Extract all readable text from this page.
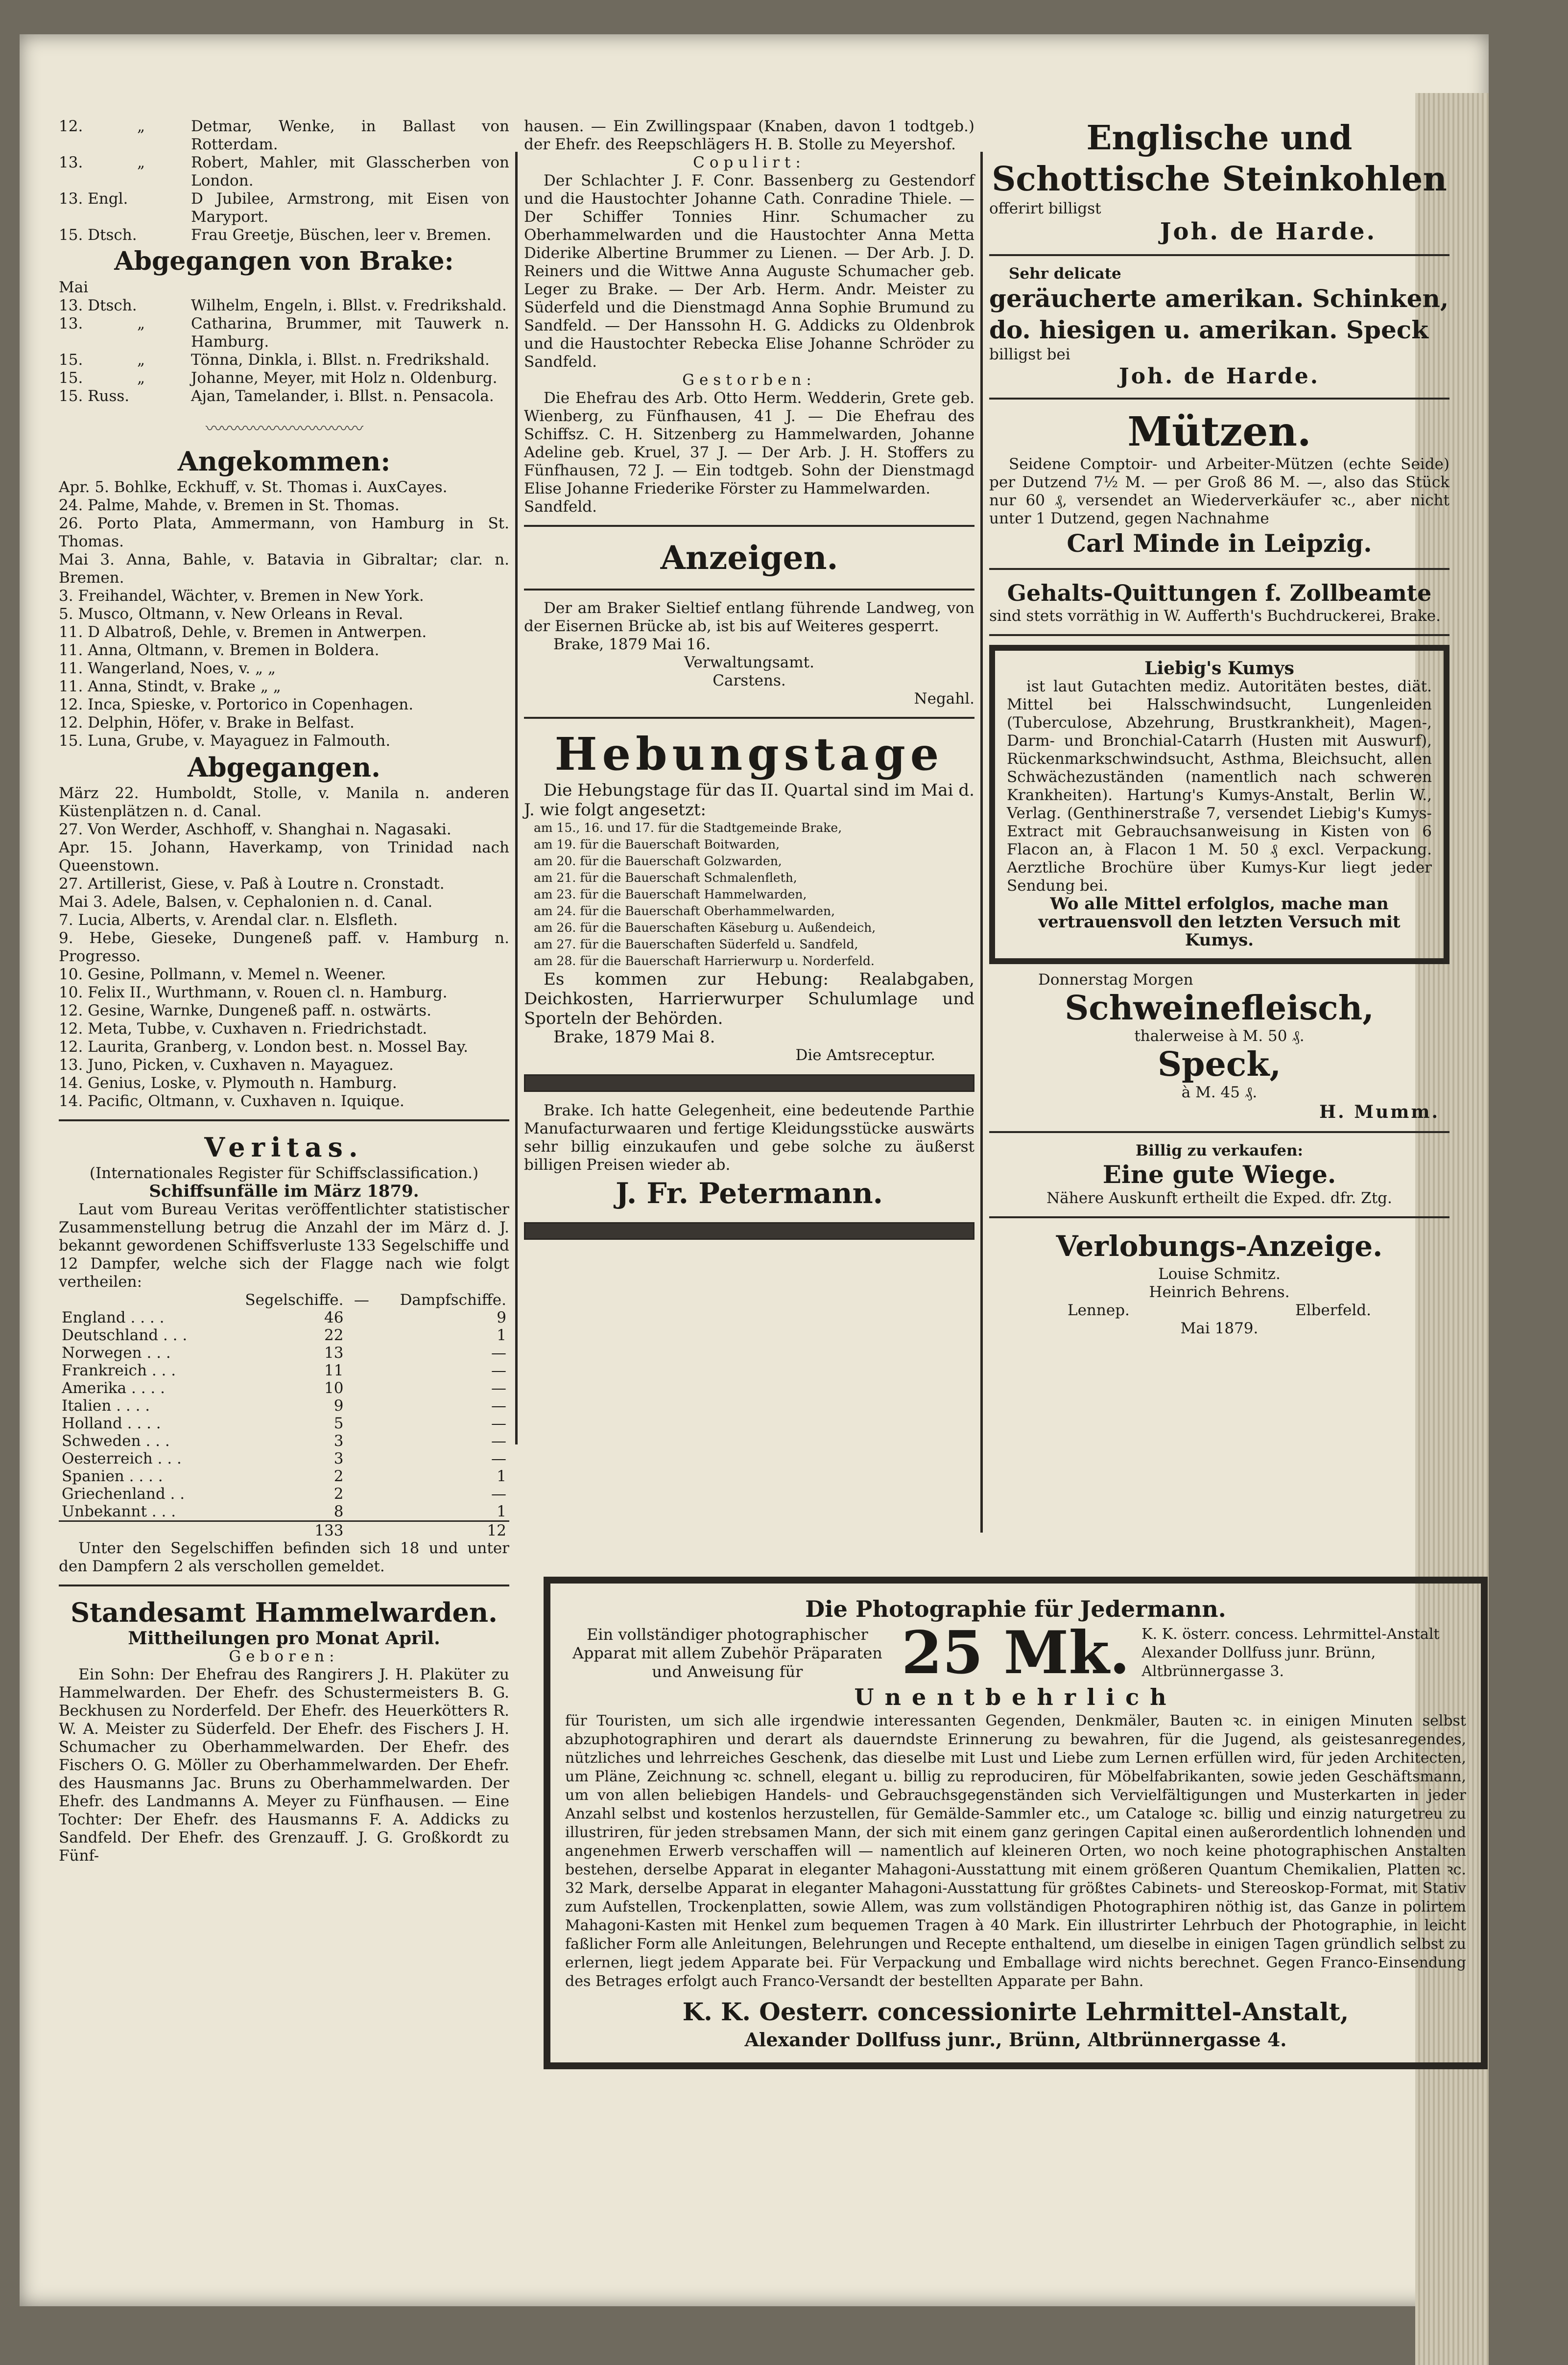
12.	„	Detmar, Wenke, in Ballast von Rotterdam.
13.	„	Robert, Mahler, mit Glasscherben von London.
13. Engl.	D Jubilee, Armstrong, mit Eisen von Maryport.
15. Dtsch.	Frau Greetje, Büschen, leer v. Bremen.
Abgegangen von Brake:
Mai
13. Dtsch.	Wilhelm, Engeln, i. Bllst. v. Fredrikshald.
13.	„	Catharina, Brummer, mit Tauwerk n. Hamburg.
15.	„	Tönna, Dinkla, i. Bllst. n. Fredrikshald.
15.	„	Johanne, Meyer, mit Holz n. Oldenburg.
15. Russ.	Ajan, Tamelander, i. Bllst. n. Pensacola.
〰〰〰〰〰〰〰〰〰〰
Angekommen:
Apr. 5. Bohlke, Eckhuff, v. St. Thomas i. AuxCayes.
24. Palme, Mahde, v. Bremen in St. Thomas.
26. Porto Plata, Ammermann, von Hamburg in St. Thomas.
Mai 3. Anna, Bahle, v. Batavia in Gibraltar; clar. n. Bremen.
3. Freihandel, Wächter, v. Bremen in New York.
5. Musco, Oltmann, v. New Orleans in Reval.
11. D Albatroß, Dehle, v. Bremen in Antwerpen.
11. Anna, Oltmann, v. Bremen in Boldera.
11. Wangerland, Noes, v. „ „
11. Anna, Stindt, v. Brake „ „
12. Inca, Spieske, v. Portorico in Copenhagen.
12. Delphin, Höfer, v. Brake in Belfast.
15. Luna, Grube, v. Mayaguez in Falmouth.
Abgegangen.
März 22. Humboldt, Stolle, v. Manila n. anderen Küstenplätzen n. d. Canal.
27. Von Werder, Aschhoff, v. Shanghai n. Nagasaki.
Apr. 15. Johann, Haverkamp, von Trinidad nach Queenstown.
27. Artillerist, Giese, v. Paß à Loutre n. Cronstadt.
Mai 3. Adele, Balsen, v. Cephalonien n. d. Canal.
7. Lucia, Alberts, v. Arendal clar. n. Elsfleth.
9. Hebe, Gieseke, Dungeneß paff. v. Hamburg n. Progresso.
10. Gesine, Pollmann, v. Memel n. Weener.
10. Felix II., Wurthmann, v. Rouen cl. n. Hamburg.
12. Gesine, Warnke, Dungeneß paff. n. ostwärts.
12. Meta, Tubbe, v. Cuxhaven n. Friedrichstadt.
12. Laurita, Granberg, v. London best. n. Mossel Bay.
13. Juno, Picken, v. Cuxhaven n. Mayaguez.
14. Genius, Loske, v. Plymouth n. Hamburg.
14. Pacific, Oltmann, v. Cuxhaven n. Iquique.
Veritas.
(Internationales Register für Schiffsclassification.)
Schiffsunfälle im März 1879.
Laut vom Bureau Veritas veröffentlichter statistischer Zusammenstellung betrug die Anzahl der im März d. J. bekannt gewordenen Schiffsverluste 133 Segelschiffe und 12 Dampfer, welche sich der Flagge nach wie folgt vertheilen:
	Segelschiffe.	—	Dampfschiffe.
England . . . .	46		9
Deutschland . . .	22		1
Norwegen . . .	13		—
Frankreich . . .	11		—
Amerika . . . .	10		—
Italien . . . .	9		—
Holland . . . .	5		—
Schweden . . .	3		—
Oesterreich . . .	3		—
Spanien . . . .	2		1
Griechenland . .	2		—
Unbekannt . . .	8		1
	133		12
Unter den Segelschiffen befinden sich 18 und unter den Dampfern 2 als verschollen gemeldet.
Standesamt Hammelwarden.
Mittheilungen pro Monat April.
Geboren:
Ein Sohn: Der Ehefrau des Rangirers J. H. Plaküter zu Hammelwarden. Der Ehefr. des Schustermeisters B. G. Beckhusen zu Norderfeld. Der Ehefr. des Heuerkötters R. W. A. Meister zu Süderfeld. Der Ehefr. des Fischers J. H. Schumacher zu Oberhammelwarden. Der Ehefr. des Fischers O. G. Möller zu Oberhammelwarden. Der Ehefr. des Hausmanns Jac. Bruns zu Oberhammelwarden. Der Ehefr. des Landmanns A. Meyer zu Fünfhausen. — Eine Tochter: Der Ehefr. des Hausmanns F. A. Addicks zu Sandfeld. Der Ehefr. des Grenzauff. J. G. Großkordt zu Fünf-
hausen. — Ein Zwillingspaar (Knaben, davon 1 todtgeb.) der Ehefr. des Reepschlägers H. B. Stolle zu Meyershof.
Copulirt:
Der Schlachter J. F. Conr. Bassenberg zu Gestendorf und die Haustochter Johanne Cath. Conradine Thiele. — Der Schiffer Tonnies Hinr. Schumacher zu Oberhammelwarden und die Haustochter Anna Metta Diderike Albertine Brummer zu Lienen. — Der Arb. J. D. Reiners und die Wittwe Anna Auguste Schumacher geb. Leger zu Brake. — Der Arb. Herm. Andr. Meister zu Süderfeld und die Dienstmagd Anna Sophie Brumund zu Sandfeld. — Der Hanssohn H. G. Addicks zu Oldenbrok und die Haustochter Rebecka Elise Johanne Schröder zu Sandfeld.
Gestorben:
Die Ehefrau des Arb. Otto Herm. Wedderin, Grete geb. Wienberg, zu Fünfhausen, 41 J. — Die Ehefrau des Schiffsz. C. H. Sitzenberg zu Hammelwarden, Johanne Adeline geb. Kruel, 37 J. — Der Arb. J. H. Stoffers zu Fünfhausen, 72 J. — Ein todtgeb. Sohn der Dienstmagd Elise Johanne Friederike Förster zu Hammelwarden.
Sandfeld.
Anzeigen.
Der am Braker Sieltief entlang führende Landweg, von der Eisernen Brücke ab, ist bis auf Weiteres gesperrt.
Brake, 1879 Mai 16.
Verwaltungsamt.
Carstens.
Negahl.
Hebungstage
Die Hebungstage für das II. Quartal sind im Mai d. J. wie folgt angesetzt:
am 15., 16. und 17. für die Stadtgemeinde Brake,
am 19. für die Bauerschaft Boitwarden,
am 20. für die Bauerschaft Golzwarden,
am 21. für die Bauerschaft Schmalenfleth,
am 23. für die Bauerschaft Hammelwarden,
am 24. für die Bauerschaft Oberhammelwarden,
am 26. für die Bauerschaften Käseburg u. Außendeich,
am 27. für die Bauerschaften Süderfeld u. Sandfeld,
am 28. für die Bauerschaft Harrierwurp u. Norderfeld.
Es kommen zur Hebung: Realabgaben, Deichkosten, Harrierwurper Schulumlage und Sporteln der Behörden.
Brake, 1879 Mai 8.
Die Amtsreceptur.
Brake. Ich hatte Gelegenheit, eine bedeutende Parthie Manufacturwaaren und fertige Kleidungsstücke auswärts sehr billig einzukaufen und gebe solche zu äußerst billigen Preisen wieder ab.
J. Fr. Petermann.
Englische und Schottische Steinkohlen
offerirt billigst
Joh. de Harde.
Sehr delicate
geräucherte amerikan. Schinken, do. hiesigen u. amerikan. Speck
billigst bei
Joh. de Harde.
Mützen.
Seidene Comptoir- und Arbeiter-Mützen (echte Seide) per Dutzend 7½ M. — per Groß 86 M. —, also das Stück nur 60 ₰, versendet an Wiederverkäufer ꝛc., aber nicht unter 1 Dutzend, gegen Nachnahme
Carl Minde in Leipzig.
Gehalts-Quittungen f. Zollbeamte
sind stets vorräthig in W. Aufferth's Buchdruckerei, Brake.
Liebig's Kumys
ist laut Gutachten mediz. Autoritäten bestes, diät. Mittel bei Halsschwindsucht, Lungenleiden (Tuberculose, Abzehrung, Brustkrankheit), Magen-, Darm- und Bronchial-Catarrh (Husten mit Auswurf), Rückenmarkschwindsucht, Asthma, Bleichsucht, allen Schwächezuständen (namentlich nach schweren Krankheiten). Hartung's Kumys-Anstalt, Berlin W., Verlag. (Genthinerstraße 7, versendet Liebig's Kumys-Extract mit Gebrauchsanweisung in Kisten von 6 Flacon an, à Flacon 1 M. 50 ₰ excl. Verpackung. Aerztliche Brochüre über Kumys-Kur liegt jeder Sendung bei.
Wo alle Mittel erfolglos, mache man vertrauensvoll den letzten Versuch mit Kumys.
Donnerstag Morgen
Schweinefleisch,
thalerweise à M. 50 ₰.
Speck,
à M. 45 ₰.
H. Mumm.
Billig zu verkaufen:
Eine gute Wiege.
Nähere Auskunft ertheilt die Exped. dfr. Ztg.
Verlobungs-Anzeige.
Louise Schmitz.
Heinrich Behrens.
Lennep.	Elberfeld.
Mai 1879.
Die Photographie für Jedermann.
Ein vollständiger photographischer Apparat mit allem Zubehör Präparaten und Anweisung für	25 Mk. K. K. österr. concess. Lehrmittel-Anstalt Alexander Dollfuss junr. Brünn, Altbrünnergasse 3.
Unentbehrlich
für Touristen, um sich alle irgendwie interessanten Gegenden, Denkmäler, Bauten ꝛc. in einigen Minuten selbst abzuphotographiren und derart als dauerndste Erinnerung zu bewahren, für die Jugend, als geistesanregendes, nützliches und lehrreiches Geschenk, das dieselbe mit Lust und Liebe zum Lernen erfüllen wird, für jeden Architecten, um Pläne, Zeichnung ꝛc. schnell, elegant u. billig zu reproduciren, für Möbelfabrikanten, sowie jeden Geschäftsmann, um von allen beliebigen Handels- und Gebrauchsgegenständen sich Vervielfältigungen und Musterkarten in jeder Anzahl selbst und kostenlos herzustellen, für Gemälde-Sammler etc., um Cataloge ꝛc. billig und einzig naturgetreu zu illustriren, für jeden strebsamen Mann, der sich mit einem ganz geringen Capital einen außerordentlich lohnenden und angenehmen Erwerb verschaffen will — namentlich auf kleineren Orten, wo noch keine photographischen Anstalten bestehen, derselbe Apparat in eleganter Mahagoni-Ausstattung mit einem größeren Quantum Chemikalien, Platten ꝛc. 32 Mark, derselbe Apparat in eleganter Mahagoni-Ausstattung für größtes Cabinets- und Stereoskop-Format, mit Stativ zum Aufstellen, Trockenplatten, sowie Allem, was zum vollständigen Photographiren nöthig ist, das Ganze in polirtem Mahagoni-Kasten mit Henkel zum bequemen Tragen à 40 Mark. Ein illustrirter Lehrbuch der Photographie, in leicht faßlicher Form alle Anleitungen, Belehrungen und Recepte enthaltend, um dieselbe in einigen Tagen gründlich selbst zu erlernen, liegt jedem Apparate bei. Für Verpackung und Emballage wird nichts berechnet. Gegen Franco-Einsendung des Betrages erfolgt auch Franco-Versandt der bestellten Apparate per Bahn.
K. K. Oesterr. concessionirte Lehrmittel-Anstalt,
Alexander Dollfuss junr., Brünn, Altbrünnergasse 4.
